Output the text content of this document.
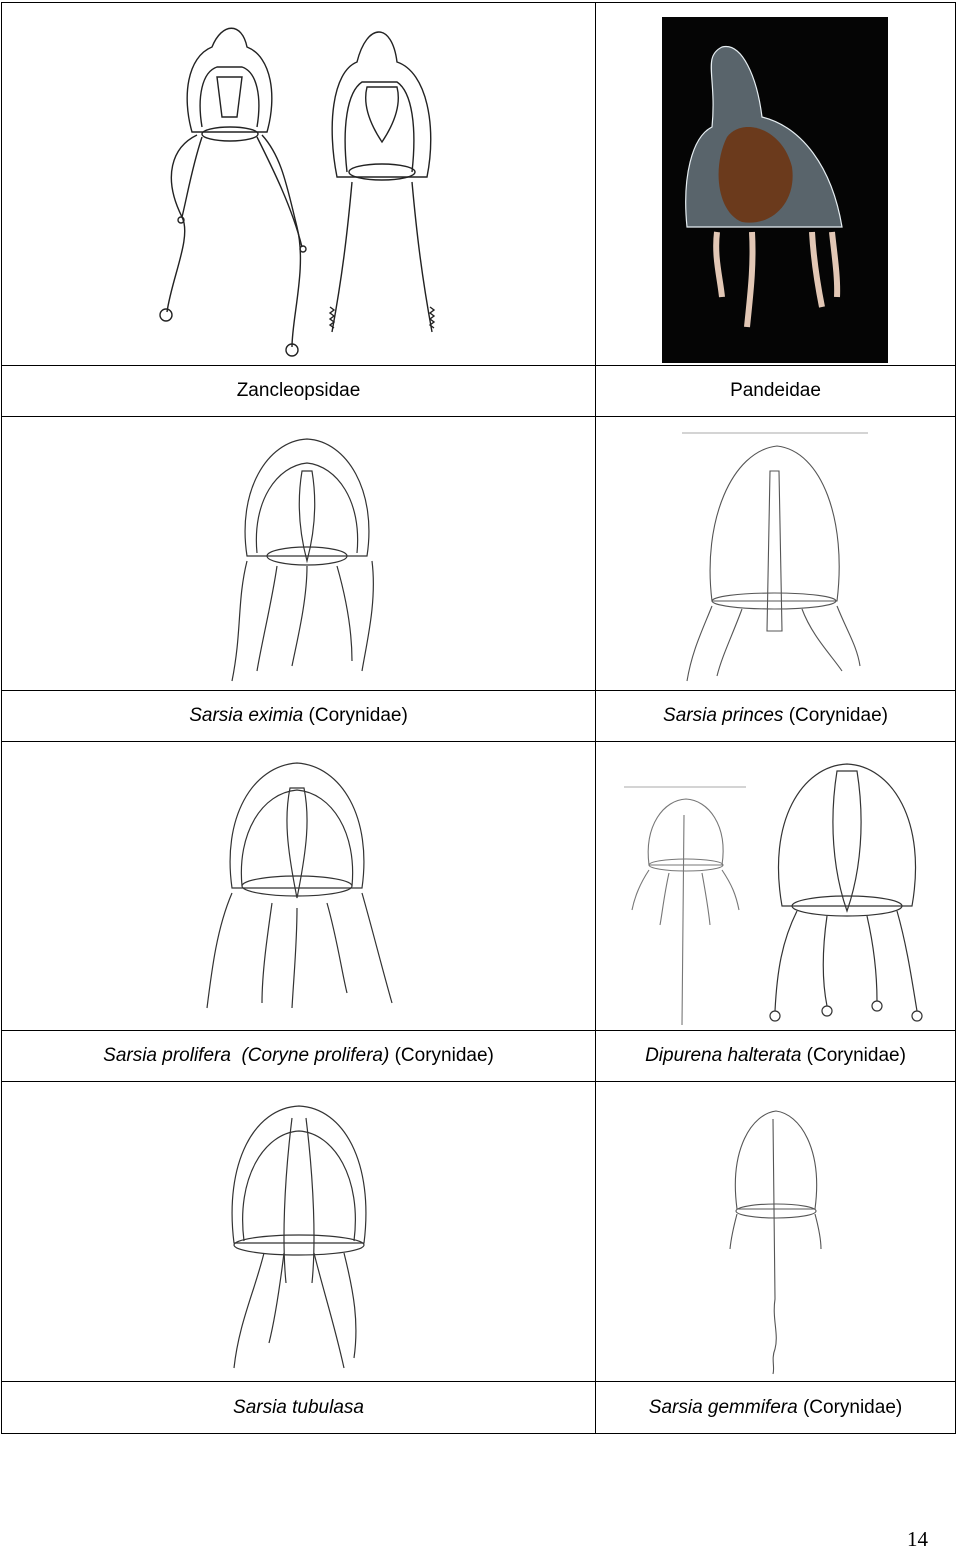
Zancleopsidae	Pandeidae
Sarsia eximia (Corynidae)	Sarsia princes (Corynidae)
Sarsia prolifera  (Coryne prolifera) (Corynidae)	Dipurena halterata (Corynidae)
Sarsia tubulasa	Sarsia gemmifera (Corynidae)
14
